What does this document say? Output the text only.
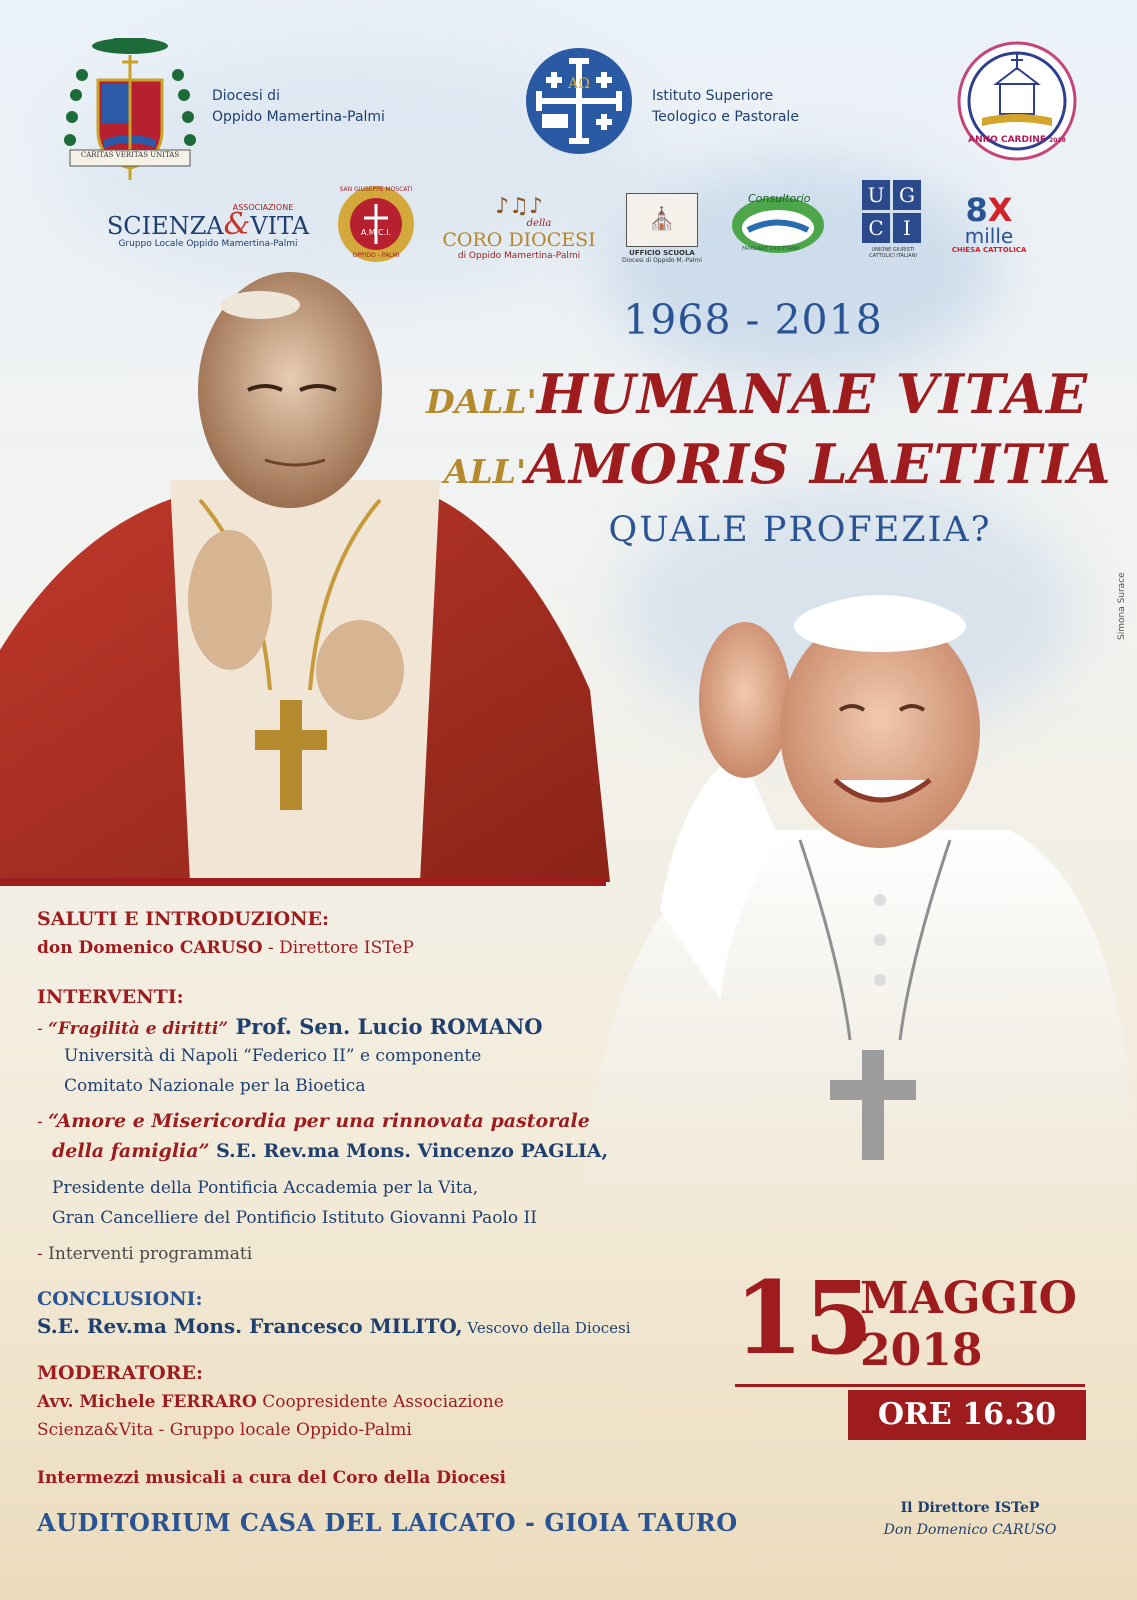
CARITAS VERITAS UNITAS
Diocesi di
Oppido Mamertina-Palmi
AΩ
Istituto Superiore
Teologico e Pastorale
ANNO CARDINE 2018
ASSOCIAZIONE
SCIENZA&VITA
Gruppo Locale Oppido Mamertina-Palmi
SAN GIUSEPPE MOSCATI
A.M.C.I.
OPPIDO - PALMI
♪♫♪
della
CORO DIOCESI
di Oppido Mamertina-Palmi
⛪
UFFICIO SCUOLA
Diocesi di Oppido M.-Palmi
Consultorio
FAMILIARE DIOCESANO
U G
C I
UNIONE GIURISTI
CATTOLICI ITALIANI
8X
mille
CHIESA CATTOLICA
Simona Surace
1968 - 2018
DALL'HUMANAE VITAE
ALL'AMORIS LAETITIA
QUALE PROFEZIA?
SALUTI E INTRODUZIONE:
don Domenico CARUSO - Direttore ISTeP
INTERVENTI:
- “Fragilità e diritti” Prof. Sen. Lucio ROMANO
Università di Napoli “Federico II” e componente
Comitato Nazionale per la Bioetica
- “Amore e Misericordia per una rinnovata pastorale
della famiglia” S.E. Rev.ma Mons. Vincenzo PAGLIA,
Presidente della Pontificia Accademia per la Vita,
Gran Cancelliere del Pontificio Istituto Giovanni Paolo II
- Interventi programmati
CONCLUSIONI:
S.E. Rev.ma Mons. Francesco MILITO, Vescovo della Diocesi
MODERATORE:
Avv. Michele FERRARO Coopresidente Associazione
Scienza&Vita - Gruppo locale Oppido-Palmi
Intermezzi musicali a cura del Coro della Diocesi
AUDITORIUM CASA DEL LAICATO - GIOIA TAURO
15
MAGGIO
2018
ORE 16.30
Il Direttore ISTeP
Don Domenico CARUSO
